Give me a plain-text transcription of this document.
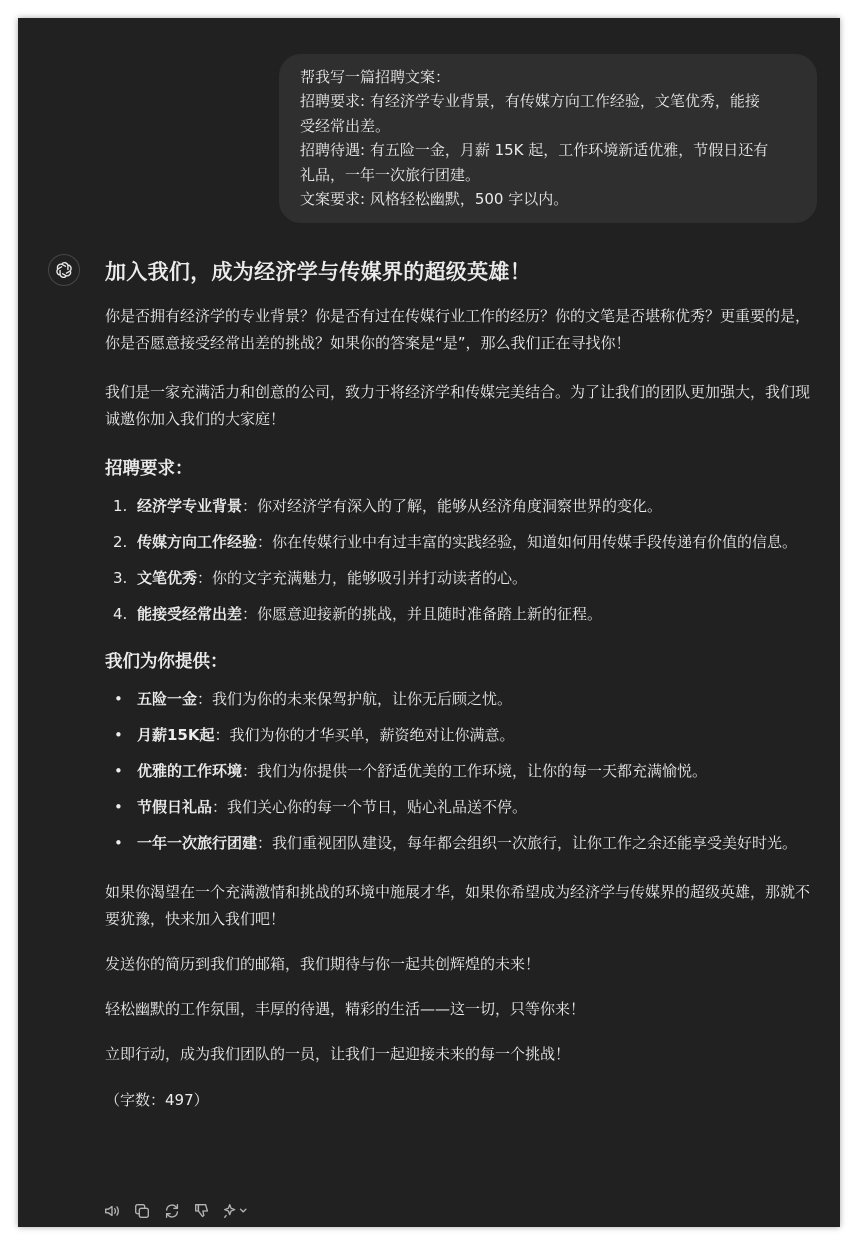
帮我写一篇招聘文案：
招聘要求: 有经济学专业背景，有传媒方向工作经验，文笔优秀，能接
受经常出差。
招聘待遇: 有五险一金，月薪 15K 起，工作环境新适优雅，节假日还有
礼品，一年一次旅行团建。
文案要求: 风格轻松幽默，500 字以内。
加入我们，成为经济学与传媒界的超级英雄！

你是否拥有经济学的专业背景？你是否有过在传媒行业工作的经历？你的文笔是否堪称优秀？更重要的是，你是否愿意接受经常出差的挑战？如果你的答案是“是”，那么我们正在寻找你！

我们是一家充满活力和创意的公司，致力于将经济学和传媒完美结合。为了让我们的团队更加强大，我们现诚邀你加入我们的大家庭！

招聘要求：
1. 经济学专业背景：你对经济学有深入的了解，能够从经济角度洞察世界的变化。
2. 传媒方向工作经验：你在传媒行业中有过丰富的实践经验，知道如何用传媒手段传递有价值的信息。
3. 文笔优秀：你的文字充满魅力，能够吸引并打动读者的心。
4. 能接受经常出差：你愿意迎接新的挑战，并且随时准备踏上新的征程。
我们为你提供：
• 五险一金：我们为你的未来保驾护航，让你无后顾之忧。
• 月薪15K起：我们为你的才华买单，薪资绝对让你满意。
• 优雅的工作环境：我们为你提供一个舒适优美的工作环境，让你的每一天都充满愉悦。
• 节假日礼品：我们关心你的每一个节日，贴心礼品送不停。
• 一年一次旅行团建：我们重视团队建设，每年都会组织一次旅行，让你工作之余还能享受美好时光。

如果你渴望在一个充满激情和挑战的环境中施展才华，如果你希望成为经济学与传媒界的超级英雄，那就不要犹豫，快来加入我们吧！

发送你的简历到我们的邮箱，我们期待与你一起共创辉煌的未来！

轻松幽默的工作氛围，丰厚的待遇，精彩的生活——这一切，只等你来！

立即行动，成为我们团队的一员，让我们一起迎接未来的每一个挑战！

（字数：497）
